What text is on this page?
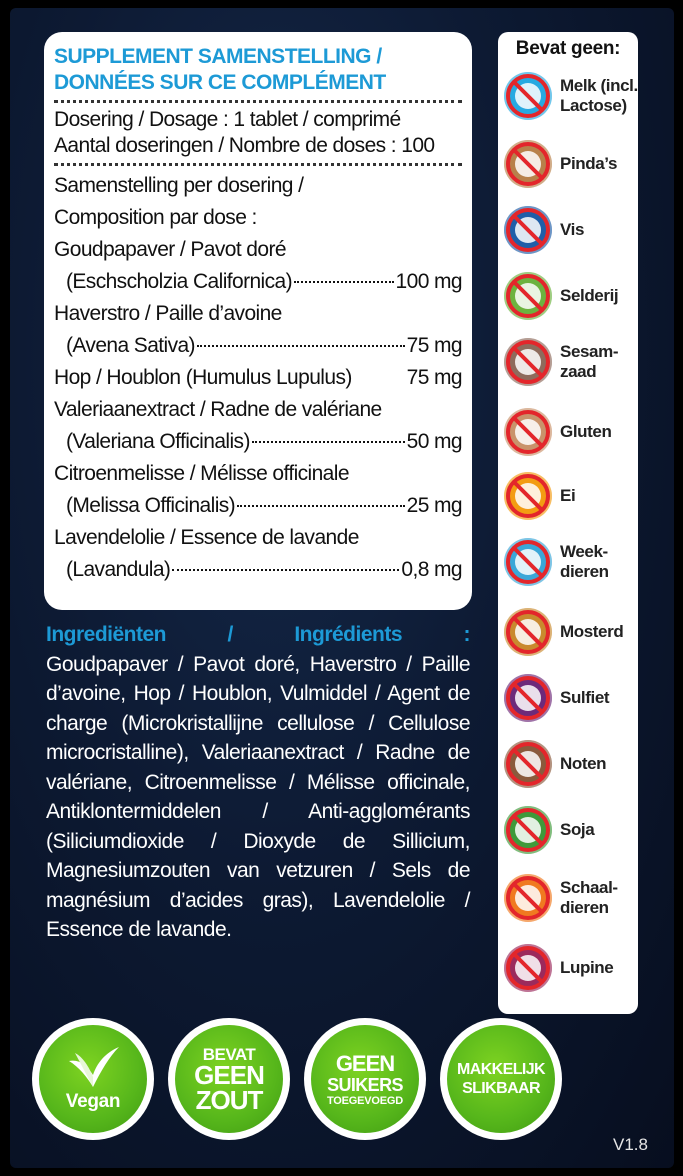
SUPPLEMENT SAMENSTELLING /
DONNÉES SUR CE COMPLÉMENT
Dosering / Dosage : 1 tablet / comprimé
Aantal doseringen / Nombre de doses : 100
Samenstelling per dosering /
Composition par dose :
Goudpapaver / Pavot doré
(Eschscholzia Californica)	100 mg
Haverstro / Paille d’avoine
(Avena Sativa)	75 mg
Hop / Houblon (Humulus Lupulus)	75 mg
Valeriaanextract / Radne de valériane
(Valeriana Officinalis)	50 mg
Citroenmelisse / Mélisse officinale
(Melissa Officinalis)	25 mg
Lavendelolie / Essence de lavande
(Lavandula)	0,8 mg
Ingrediënten / Ingrédients :
Goudpapaver / Pavot doré, Haverstro / Paille d’avoine, Hop / Houblon, Vulmiddel / Agent de charge (Microkristallijne cellulose / Cellulose microcristalline), Valeriaanextract / Radne de valériane, Citroenmelisse / Mélisse officinale, Antiklontermiddelen / Anti-agglomérants (Siliciumdioxide / Dioxyde de Sillicium, Magnesiumzouten van vetzuren / Sels de magnésium d’acides gras), Lavendelolie / Essence de lavande.
Bevat geen:
Melk (incl. Lactose)
Pinda’s
Vis
Selderij
Sesam-zaad
Gluten
Ei
Week-dieren
Mosterd
Sulfiet
Noten
Soja
Schaal-dieren
Lupine
Vegan
BEVAT
GEEN
ZOUT
GEEN
SUIKERS
TOEGEVOEGD
MAKKELIJK
SLIKBAAR
V1.8
